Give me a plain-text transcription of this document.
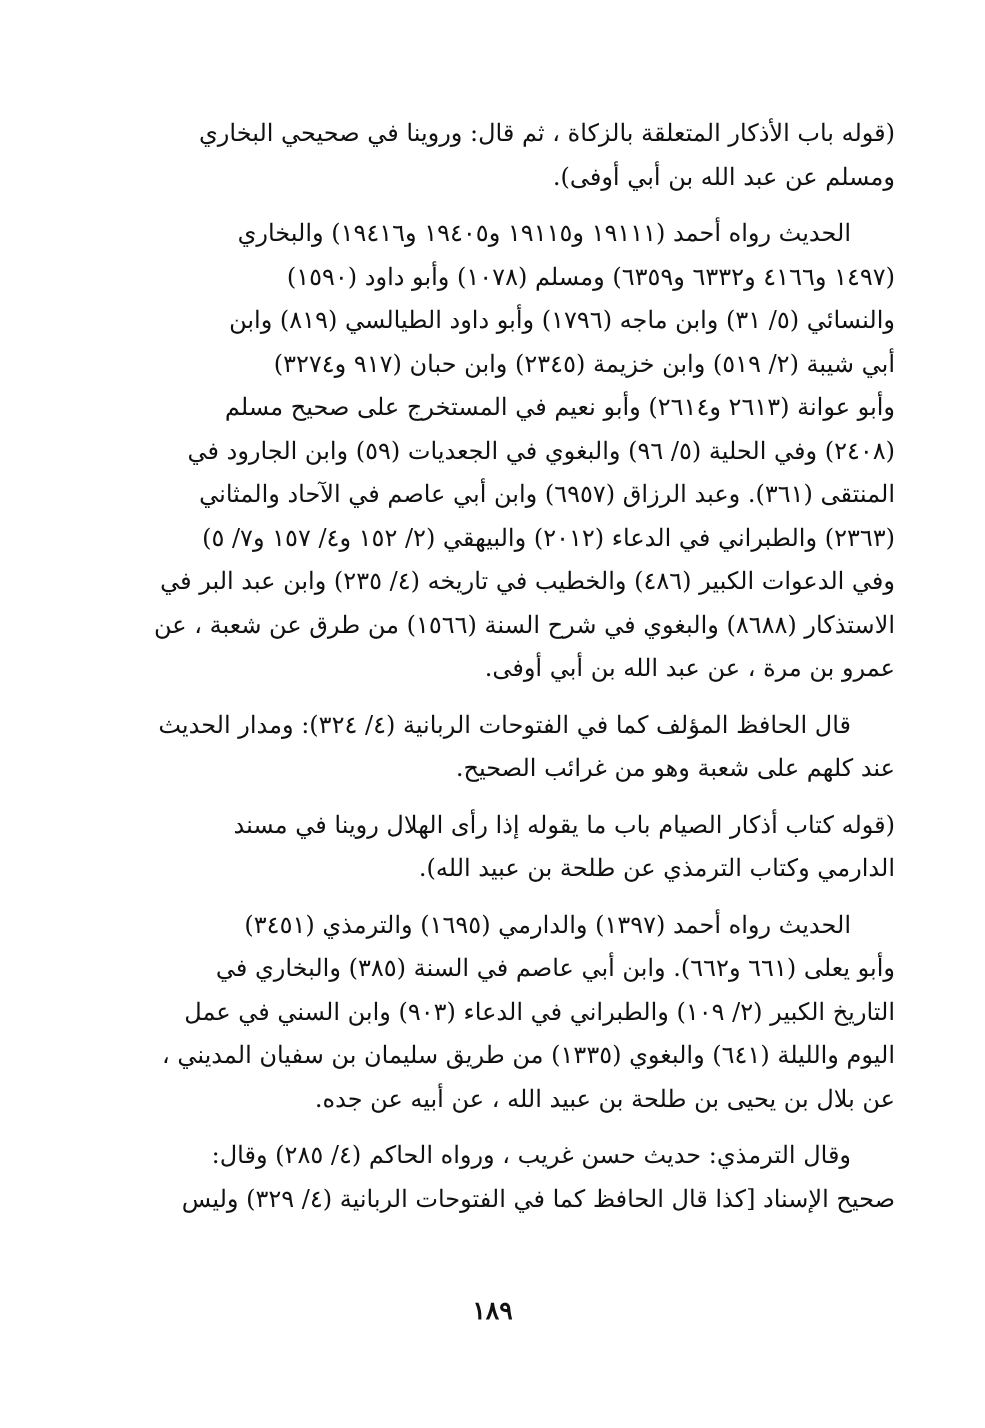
(قوله باب الأذكار المتعلقة بالزكاة ، ثم قال: وروينا في صحيحي البخاري
ومسلم عن عبد الله بن أبي أوفى).

الحديث رواه أحمد (١٩١١١ و١٩١١٥ و١٩٤٠٥ و١٩٤١٦) والبخاري
(١٤٩٧ و٤١٦٦ و٦٣٣٢ و٦٣٥٩) ومسلم (١٠٧٨) وأبو داود (١٥٩٠)
والنسائي (٥/ ٣١) وابن ماجه (١٧٩٦) وأبو داود الطيالسي (٨١٩) وابن
أبي شيبة (٢/ ٥١٩) وابن خزيمة (٢٣٤٥) وابن حبان (٩١٧ و٣٢٧٤)
وأبو عوانة (٢٦١٣ و٢٦١٤) وأبو نعيم في المستخرج على صحيح مسلم
(٢٤٠٨) وفي الحلية (٥/ ٩٦) والبغوي في الجعديات (٥٩) وابن الجارود في
المنتقى (٣٦١). وعبد الرزاق (٦٩٥٧) وابن أبي عاصم في الآحاد والمثاني
(٢٣٦٣) والطبراني في الدعاء (٢٠١٢) والبيهقي (٢/ ١٥٢ و٤/ ١٥٧ و٧/ ٥)
وفي الدعوات الكبير (٤٨٦) والخطيب في تاريخه (٤/ ٢٣٥) وابن عبد البر في
الاستذكار (٨٦٨٨) والبغوي في شرح السنة (١٥٦٦) من طرق عن شعبة ، عن
عمرو بن مرة ، عن عبد الله بن أبي أوفى.

قال الحافظ المؤلف كما في الفتوحات الربانية (٤/ ٣٢٤): ومدار الحديث
عند كلهم على شعبة وهو من غرائب الصحيح.

(قوله كتاب أذكار الصيام باب ما يقوله إذا رأى الهلال روينا في مسند
الدارمي وكتاب الترمذي عن طلحة بن عبيد الله).

الحديث رواه أحمد (١٣٩٧) والدارمي (١٦٩٥) والترمذي (٣٤٥١)
وأبو يعلى (٦٦١ و٦٦٢). وابن أبي عاصم في السنة (٣٨٥) والبخاري في
التاريخ الكبير (٢/ ١٠٩) والطبراني في الدعاء (٩٠٣) وابن السني في عمل
اليوم والليلة (٦٤١) والبغوي (١٣٣٥) من طريق سليمان بن سفيان المديني ،
عن بلال بن يحيى بن طلحة بن عبيد الله ، عن أبيه عن جده.

وقال الترمذي: حديث حسن غريب ، ورواه الحاكم (٤/ ٢٨٥) وقال:
صحيح الإسناد [كذا قال الحافظ كما في الفتوحات الربانية (٤/ ٣٢٩) وليس

١٨٩
